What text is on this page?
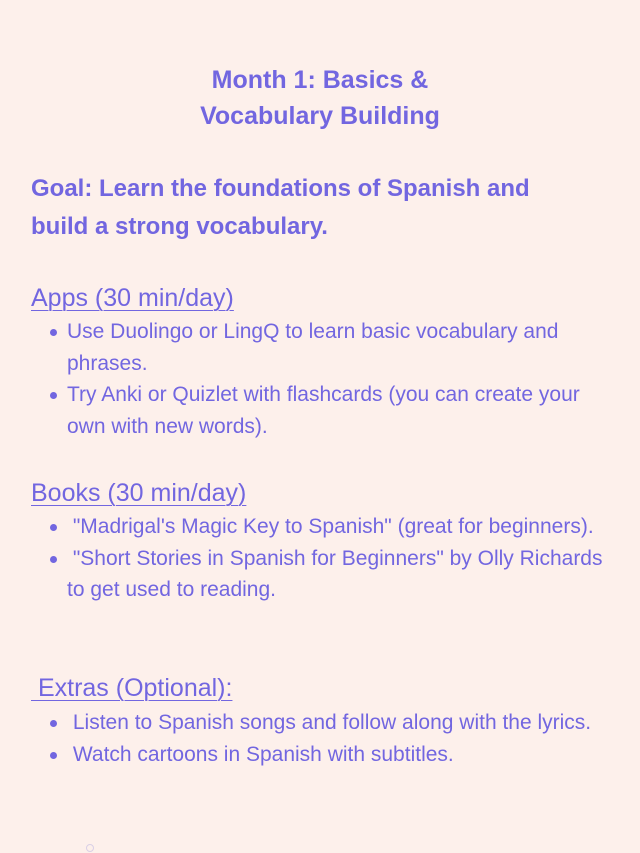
Month 1: Basics &
Vocabulary Building
Goal: Learn the foundations of Spanish and
build a strong vocabulary.
Apps (30 min/day)
Use Duolingo or LingQ to learn basic vocabulary and phrases.
Try Anki or Quizlet with flashcards (you can create your own with new words).
Books (30 min/day)
"Madrigal's Magic Key to Spanish" (great for beginners).
"Short Stories in Spanish for Beginners" by Olly Richards to get used to reading.
Extras (Optional):
Listen to Spanish songs and follow along with the lyrics.
Watch cartoons in Spanish with subtitles.
